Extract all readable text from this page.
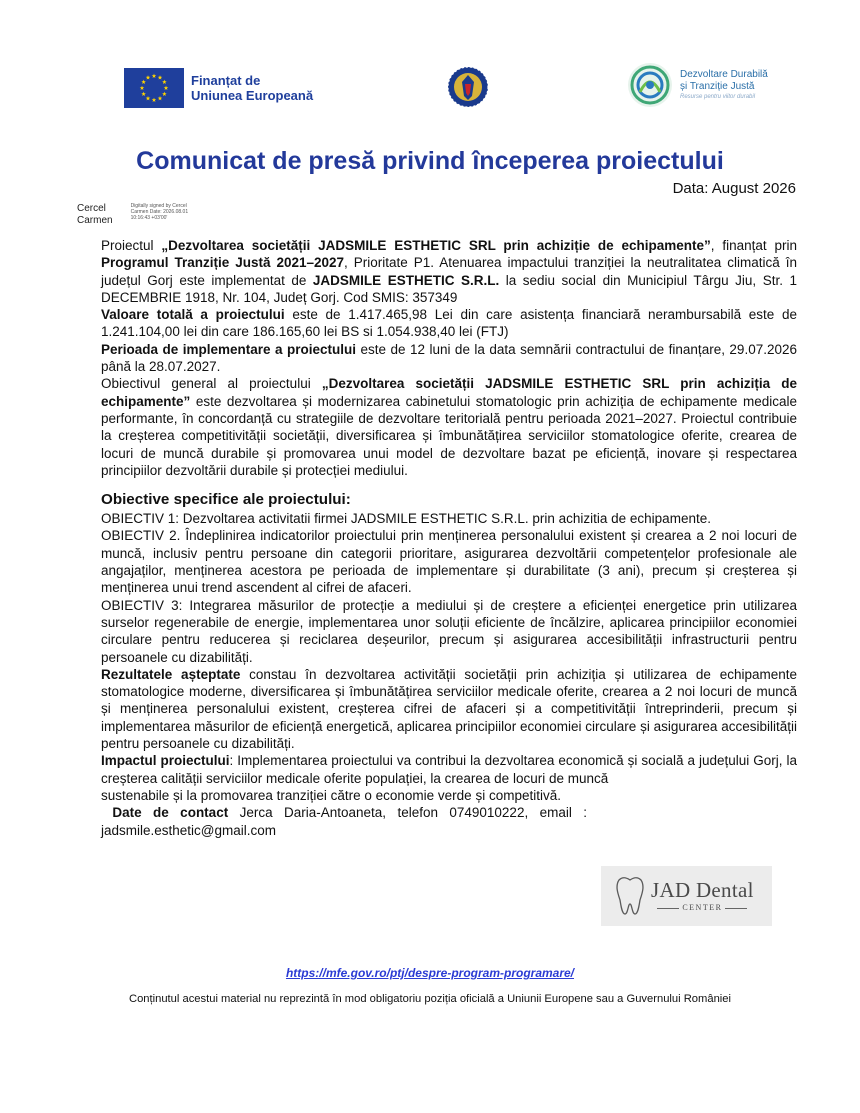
Finanțat de
Uniunea Europeană
Dezvoltare Durabilă
și Tranziție Justă
Resurse pentru viitor durabil
Comunicat de presă privind începerea proiectului
Data: August 2026
Cercel
Carmen
Digitally signed by Cercel Carmen Date: 2026.08.01 10:16:43 +03'00'

Proiectul „Dezvoltarea societății JADSMILE ESTHETIC SRL prin achiziție de echipamente”, finanțat prin Programul Tranziție Justă 2021–2027, Prioritate P1. Atenuarea impactului tranziției la neutralitatea climatică în județul Gorj este implementat de JADSMILE ESTHETIC S.R.L. la sediu social din Municipiul Târgu Jiu, Str. 1 DECEMBRIE 1918, Nr. 104, Județ Gorj. Cod SMIS: 357349

Valoare totală a proiectului este de 1.417.465,98 Lei din care asistența financiară nerambursabilă este de 1.241.104,00 lei din care 186.165,60 lei BS si 1.054.938,40 lei (FTJ)

Perioada de implementare a proiectului este de 12 luni de la data semnării contractului de finanțare, 29.07.2026 până la 28.07.2027.

Obiectivul general al proiectului „Dezvoltarea societății JADSMILE ESTHETIC SRL prin achiziția de echipamente” este dezvoltarea și modernizarea cabinetului stomatologic prin achiziția de echipamente medicale performante, în concordanță cu strategiile de dezvoltare teritorială pentru perioada 2021–2027. Proiectul contribuie la creșterea competitivității societății, diversificarea și îmbunătățirea serviciilor stomatologice oferite, crearea de locuri de muncă durabile și promovarea unui model de dezvoltare bazat pe eficiență, inovare și respectarea principiilor dezvoltării durabile și protecției mediului.

Obiective specifice ale proiectului:

OBIECTIV 1: Dezvoltarea activitatii firmei JADSMILE ESTHETIC S.R.L. prin achizitia de echipamente.

OBIECTIV 2. Îndeplinirea indicatorilor proiectului prin menținerea personalului existent și crearea a 2 noi locuri de muncă, inclusiv pentru persoane din categorii prioritare, asigurarea dezvoltării competențelor profesionale ale angajaților, menținerea acestora pe perioada de implementare și durabilitate (3 ani), precum și creșterea și menținerea unui trend ascendent al cifrei de afaceri.

OBIECTIV 3: Integrarea măsurilor de protecție a mediului și de creștere a eficienței energetice prin utilizarea surselor regenerabile de energie, implementarea unor soluții eficiente de încălzire, aplicarea principiilor economiei circulare pentru reducerea și reciclarea deșeurilor, precum și asigurarea accesibilității infrastructurii pentru persoanele cu dizabilități.

Rezultatele așteptate constau în dezvoltarea activității societății prin achiziția și utilizarea de echipamente stomatologice moderne, diversificarea și îmbunătățirea serviciilor medicale oferite, crearea a 2 noi locuri de muncă și menținerea personalului existent, creșterea cifrei de afaceri și a competitivității întreprinderii, precum și implementarea măsurilor de eficiență energetică, aplicarea principiilor economiei circulare și asigurarea accesibilității pentru persoanele cu dizabilități.

Impactul proiectului: Implementarea proiectului va contribui la dezvoltarea economică și socială a județului Gorj, la creșterea calității serviciilor medicale oferite populației, la crearea de locuri de muncă

sustenabile și la promovarea tranziției către o economie verde și competitivă.

Date de contact Jerca Daria-Antoaneta, telefon 0749010222, email : jadsmile.esthetic@gmail.com

JAD Dental
CENTER
https://mfe.gov.ro/ptj/despre-program-programare/
Conținutul acestui material nu reprezintă în mod obligatoriu poziția oficială a Uniunii Europene sau a Guvernului României
